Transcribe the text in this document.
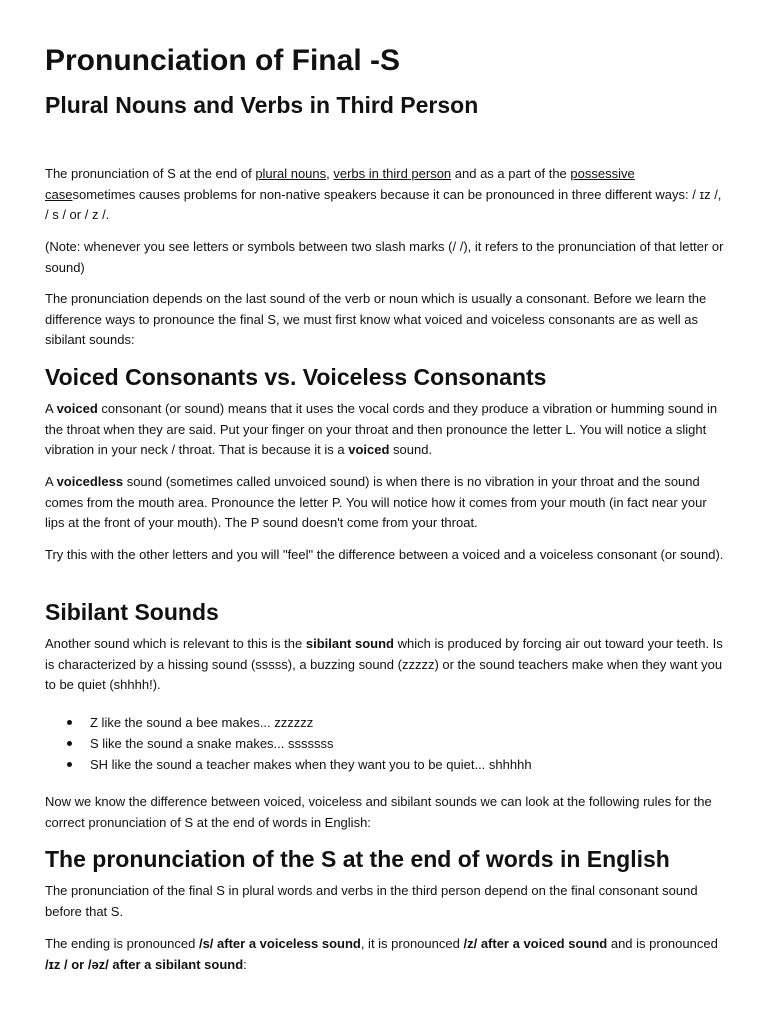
Pronunciation of Final -S
Plural Nouns and Verbs in Third Person

The pronunciation of S at the end of plural nouns, verbs in third person and as a part of the possessive casesometimes causes problems for non-native speakers because it can be pronounced in three different ways: / ɪz /, / s / or / z /.

(Note: whenever you see letters or symbols between two slash marks (/ /), it refers to the pronunciation of that letter or sound)

The pronunciation depends on the last sound of the verb or noun which is usually a consonant. Before we learn the difference ways to pronounce the final S, we must first know what voiced and voiceless consonants are as well as sibilant sounds:

Voiced Consonants vs. Voiceless Consonants

A voiced consonant (or sound) means that it uses the vocal cords and they produce a vibration or humming sound in the throat when they are said. Put your finger on your throat and then pronounce the letter L. You will notice a slight vibration in your neck / throat. That is because it is a voiced sound.

A voicedless sound (sometimes called unvoiced sound) is when there is no vibration in your throat and the sound comes from the mouth area. Pronounce the letter P. You will notice how it comes from your mouth (in fact near your lips at the front of your mouth). The P sound doesn't come from your throat.

Try this with the other letters and you will "feel" the difference between a voiced and a voiceless consonant (or sound).

Sibilant Sounds

Another sound which is relevant to this is the sibilant sound which is produced by forcing air out toward your teeth. Is is characterized by a hissing sound (sssss), a buzzing sound (zzzzz) or the sound teachers make when they want you to be quiet (shhhh!).

Z like the sound a bee makes... zzzzzz
S like the sound a snake makes... sssssss
SH like the sound a teacher makes when they want you to be quiet... shhhhh

Now we know the difference between voiced, voiceless and sibilant sounds we can look at the following rules for the correct pronunciation of S at the end of words in English:

The pronunciation of the S at the end of words in English

The pronunciation of the final S in plural words and verbs in the third person depend on the final consonant sound before that S.

The ending is pronounced /s/ after a voiceless sound, it is pronounced /z/ after a voiced sound and is pronounced /ɪz / or /əz/ after a sibilant sound:
